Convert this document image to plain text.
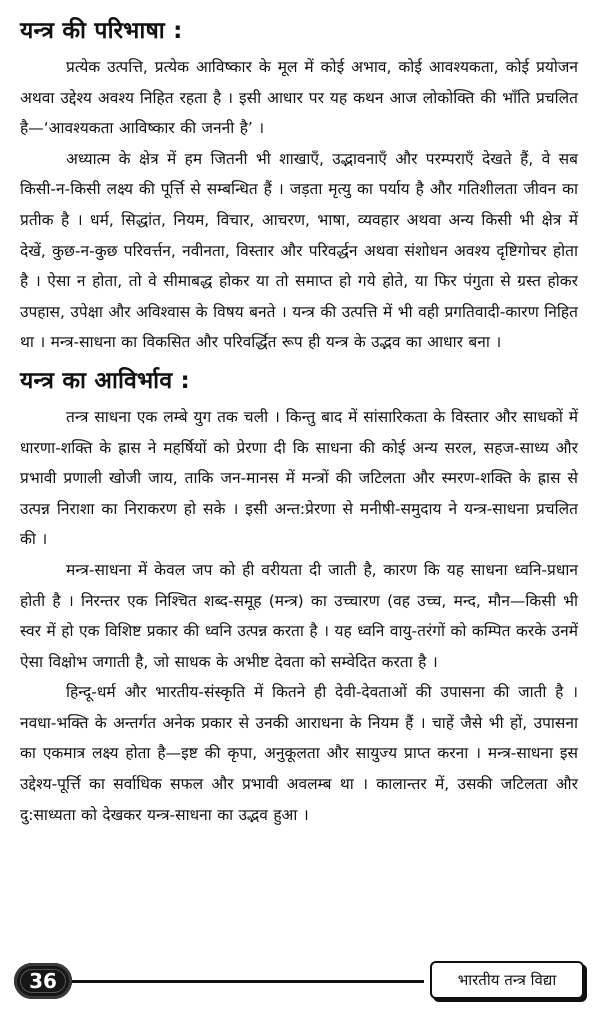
यन्त्र की परिभाषा :

प्रत्येक उत्पत्ति, प्रत्येक आविष्कार के मूल में कोई अभाव, कोई आवश्यकता, कोई प्रयोजन अथवा उद्देश्य अवश्य निहित रहता है । इसी आधार पर यह कथन आज लोकोक्ति की भाँति प्रचलित है—‘आवश्यकता आविष्कार की जननी है’ ।

अध्यात्म के क्षेत्र में हम जितनी भी शाखाएँ, उद्भावनाएँ और परम्पराएँ देखते हैं, वे सब किसी-न-किसी लक्ष्य की पूर्त्ति से सम्बन्धित हैं । जड़ता मृत्यु का पर्याय है और गतिशीलता जीवन का प्रतीक है । धर्म, सिद्धांत, नियम, विचार, आचरण, भाषा, व्यवहार अथवा अन्य किसी भी क्षेत्र में देखें, कुछ-न-कुछ परिवर्त्तन, नवीनता, विस्तार और परिवर्द्धन अथवा संशोधन अवश्य दृष्टिगोचर होता है । ऐसा न होता, तो वे सीमाबद्ध होकर या तो समाप्त हो गये होते, या फिर पंगुता से ग्रस्त होकर उपहास, उपेक्षा और अविश्वास के विषय बनते । यन्त्र की उत्पत्ति में भी वही प्रगतिवादी-कारण निहित था । मन्त्र-साधना का विकसित और परिवर्द्धित रूप ही यन्त्र के उद्भव का आधार बना ।

यन्त्र का आविर्भाव :

तन्त्र साधना एक लम्बे युग तक चली । किन्तु बाद में सांसारिकता के विस्तार और साधकों में धारणा-शक्ति के ह्रास ने महर्षियों को प्रेरणा दी कि साधना की कोई अन्य सरल, सहज-साध्य और प्रभावी प्रणाली खोजी जाय, ताकि जन-मानस में मन्त्रों की जटिलता और स्मरण-शक्ति के ह्रास से उत्पन्न निराशा का निराकरण हो सके । इसी अन्त:प्रेरणा से मनीषी-समुदाय ने यन्त्र-साधना प्रचलित की ।

मन्त्र-साधना में केवल जप को ही वरीयता दी जाती है, कारण कि यह साधना ध्वनि-प्रधान होती है । निरन्तर एक निश्चित शब्द-समूह (मन्त्र) का उच्चारण (वह उच्च, मन्द, मौन—किसी भी स्वर में हो एक विशिष्ट प्रकार की ध्वनि उत्पन्न करता है । यह ध्वनि वायु-तरंगों को कम्पित करके उनमें ऐसा विक्षोभ जगाती है, जो साधक के अभीष्ट देवता को सम्वेदित करता है ।

हिन्दू-धर्म और भारतीय-संस्कृति में कितने ही देवी-देवताओं की उपासना की जाती है । नवधा-भक्ति के अन्तर्गत अनेक प्रकार से उनकी आराधना के नियम हैं । चाहें जैसे भी हों, उपासना का एकमात्र लक्ष्य होता है—इष्ट की कृपा, अनुकूलता और सायुज्य प्राप्त करना । मन्त्र-साधना इस उद्देश्य-पूर्त्ति का सर्वाधिक सफल और प्रभावी अवलम्ब था । कालान्तर में, उसकी जटिलता और दु:साध्यता को देखकर यन्त्र-साधना का उद्भव हुआ ।

36	भारतीय तन्त्र विद्या
